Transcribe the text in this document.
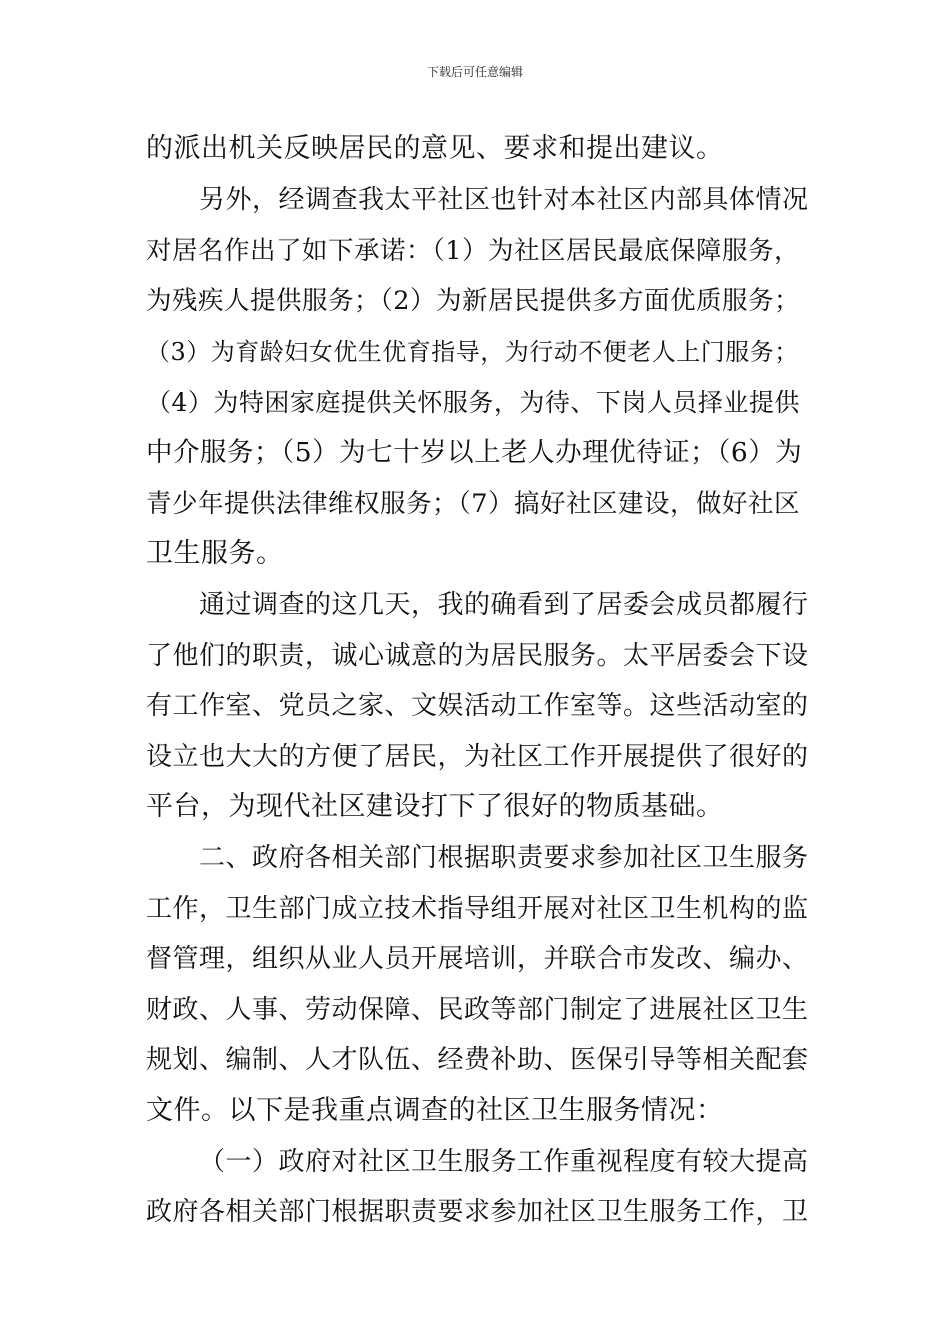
下载后可任意编辑
的派出机关反映居民的意见、要求和提出建议。
另外，经调查我太平社区也针对本社区内部具体情况
对居名作出了如下承诺：（1）为社区居民最底保障服务，
为残疾人提供服务；（2）为新居民提供多方面优质服务；
（3）为育龄妇女优生优育指导，为行动不便老人上门服务；
（4）为特困家庭提供关怀服务，为待、下岗人员择业提供
中介服务；（5）为七十岁以上老人办理优待证；（6）为
青少年提供法律维权服务；（7）搞好社区建设，做好社区
卫生服务。
通过调查的这几天，我的确看到了居委会成员都履行
了他们的职责，诚心诚意的为居民服务。太平居委会下设
有工作室、党员之家、文娱活动工作室等。这些活动室的
设立也大大的方便了居民，为社区工作开展提供了很好的
平台，为现代社区建设打下了很好的物质基础。
二、政府各相关部门根据职责要求参加社区卫生服务
工作，卫生部门成立技术指导组开展对社区卫生机构的监
督管理，组织从业人员开展培训，并联合市发改、编办、
财政、人事、劳动保障、民政等部门制定了进展社区卫生
规划、编制、人才队伍、经费补助、医保引导等相关配套
文件。以下是我重点调查的社区卫生服务情况：
（一）政府对社区卫生服务工作重视程度有较大提高
政府各相关部门根据职责要求参加社区卫生服务工作，卫
